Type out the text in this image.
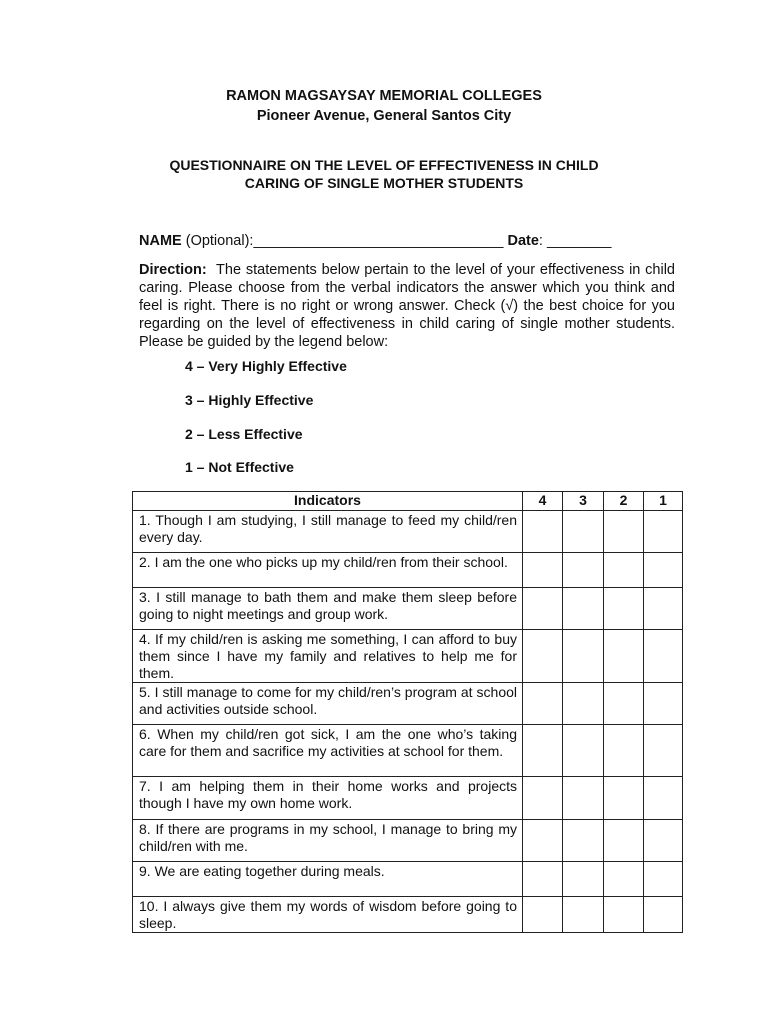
RAMON MAGSAYSAY MEMORIAL COLLEGES
Pioneer Avenue, General Santos City
QUESTIONNAIRE ON THE LEVEL OF EFFECTIVENESS IN CHILD
CARING OF SINGLE MOTHER STUDENTS
NAME (Optional):_______________________________ Date: ________
Direction: The statements below pertain to the level of your effectiveness in child caring. Please choose from the verbal indicators the answer which you think and feel is right. There is no right or wrong answer. Check (√) the best choice for you regarding on the level of effectiveness in child caring of single mother students. Please be guided by the legend below:
4 – Very Highly Effective
3 – Highly Effective
2 – Less Effective
1 – Not Effective
Indicators	4	3	2	1
1. Though I am studying, I still manage to feed my child/ren every day.				
2. I am the one who picks up my child/ren from their school.				
3. I still manage to bath them and make them sleep before going to night meetings and group work.				
4. If my child/ren is asking me something, I can afford to buy them since I have my family and relatives to help me for them.				
5. I still manage to come for my child/ren’s program at school and activities outside school.				
6. When my child/ren got sick, I am the one who’s taking care for them and sacrifice my activities at school for them.				
7. I am helping them in their home works and projects though I have my own home work.				
8. If there are programs in my school, I manage to bring my child/ren with me.				
9. We are eating together during meals.				
10. I always give them my words of wisdom before going to sleep.				
